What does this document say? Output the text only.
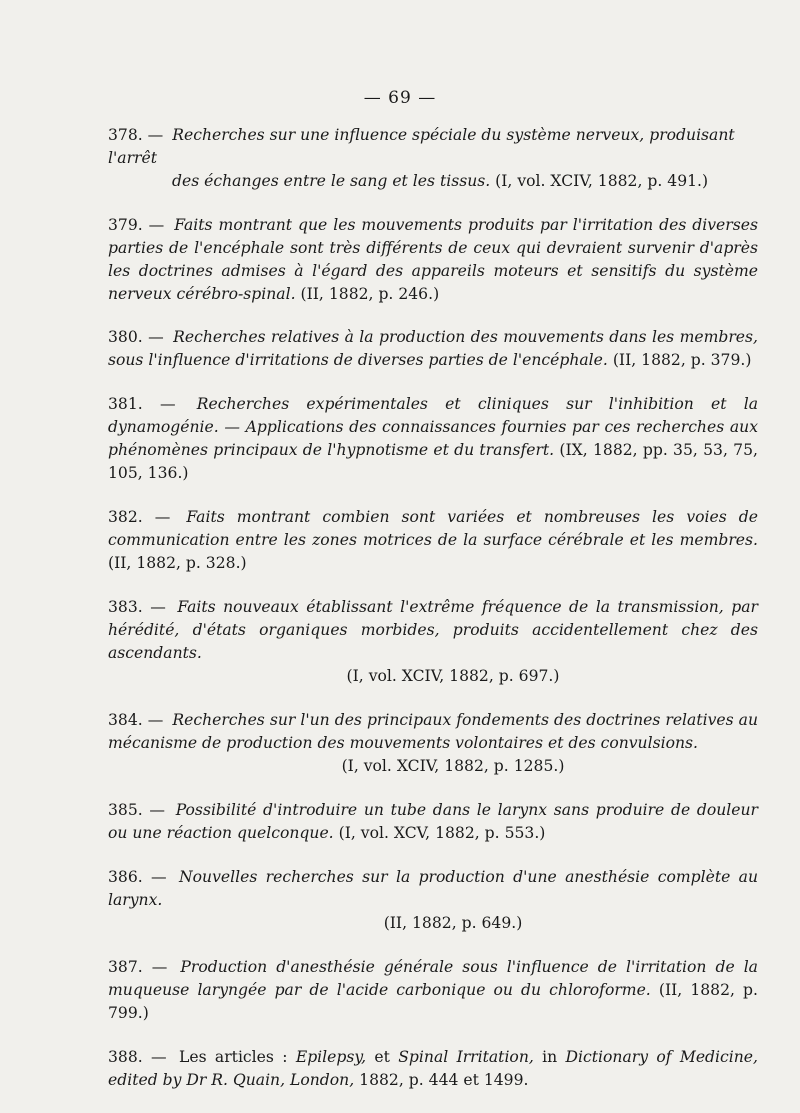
— 69 —
378. — Recherches sur une influence spéciale du système nerveux, produisant l'arrêt
des échanges entre le sang et les tissus. (I, vol. XCIV, 1882, p. 491.)
379. — Faits montrant que les mouvements produits par l'irritation des diverses parties de l'encéphale sont très différents de ceux qui devraient survenir d'après les doctrines admises à l'égard des appareils moteurs et sensitifs du système nerveux cérébro-spinal. (II, 1882, p. 246.)
380. — Recherches relatives à la production des mouvements dans les membres, sous l'influence d'irritations de diverses parties de l'encéphale. (II, 1882, p. 379.)
381. — Recherches expérimentales et cliniques sur l'inhibition et la dynamogénie. — Applications des connaissances fournies par ces recherches aux phénomènes principaux de l'hypnotisme et du transfert. (IX, 1882, pp. 35, 53, 75, 105, 136.)
382. — Faits montrant combien sont variées et nombreuses les voies de communication entre les zones motrices de la surface cérébrale et les membres. (II, 1882, p. 328.)
383. — Faits nouveaux établissant l'extrême fréquence de la transmission, par hérédité, d'états organiques morbides, produits accidentellement chez des ascendants.
(I, vol. XCIV, 1882, p. 697.)
384. — Recherches sur l'un des principaux fondements des doctrines relatives au mécanisme de production des mouvements volontaires et des convulsions.
(I, vol. XCIV, 1882, p. 1285.)
385. — Possibilité d'introduire un tube dans le larynx sans produire de douleur ou une réaction quelconque. (I, vol. XCV, 1882, p. 553.)
386. — Nouvelles recherches sur la production d'une anesthésie complète au larynx.
(II, 1882, p. 649.)
387. — Production d'anesthésie générale sous l'influence de l'irritation de la muqueuse laryngée par de l'acide carbonique ou du chloroforme. (II, 1882, p. 799.)
388. — Les articles : Epilepsy, et Spinal Irritation, in Dictionary of Medicine, edited by Dr R. Quain, London, 1882, p. 444 et 1499.
